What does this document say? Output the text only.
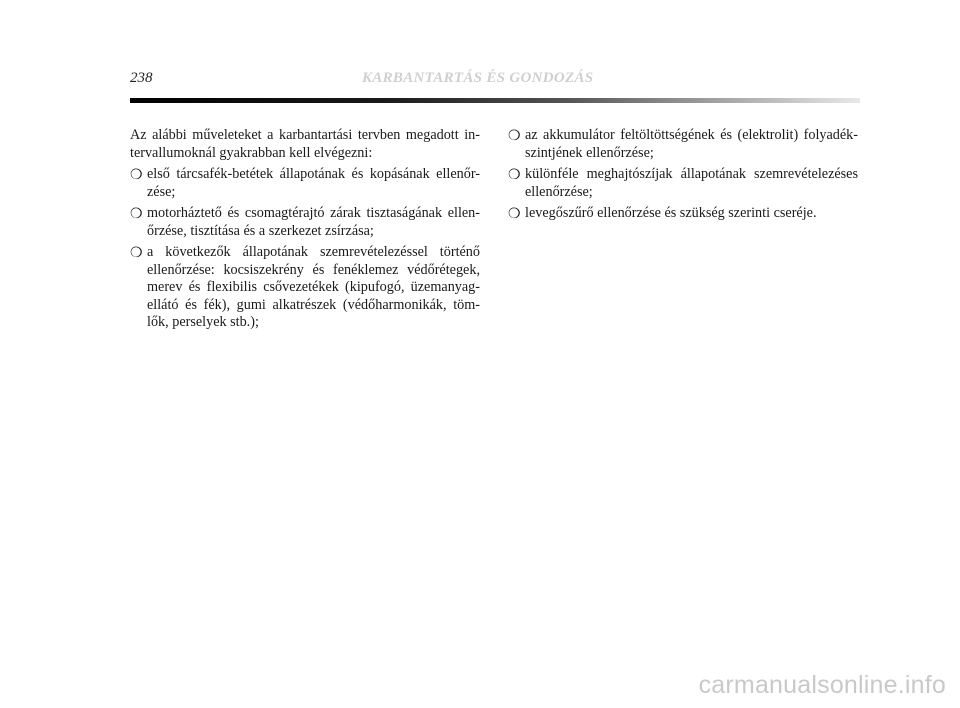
238	KARBANTARTÁS ÉS GONDOZÁS

Az alábbi műveleteket a karbantartási tervben megadott in-tervallumoknál gyakrabban kell elvégezni:

❍ első tárcsafék-betétek állapotának és kopásának ellenőr-zése;
❍ motorháztető és csomagtérajtó zárak tisztaságának ellen-őrzése, tisztítása és a szerkezet zsírzása;
❍ a következők állapotának szemrevételezéssel történő ellenőrzése: kocsiszekrény és fenéklemez védőrétegek, merev és flexibilis csővezetékek (kipufogó, üzemanyag-ellátó és fék), gumi alkatrészek (védőharmonikák, töm-lők, perselyek stb.);
❍ az akkumulátor feltöltöttségének és (elektrolit) folyadék-szintjének ellenőrzése;
❍ különféle meghajtószíjak állapotának szemrevételezéses ellenőrzése;
❍ levegőszűrő ellenőrzése és szükség szerinti cseréje.
carmanualsonline.info
